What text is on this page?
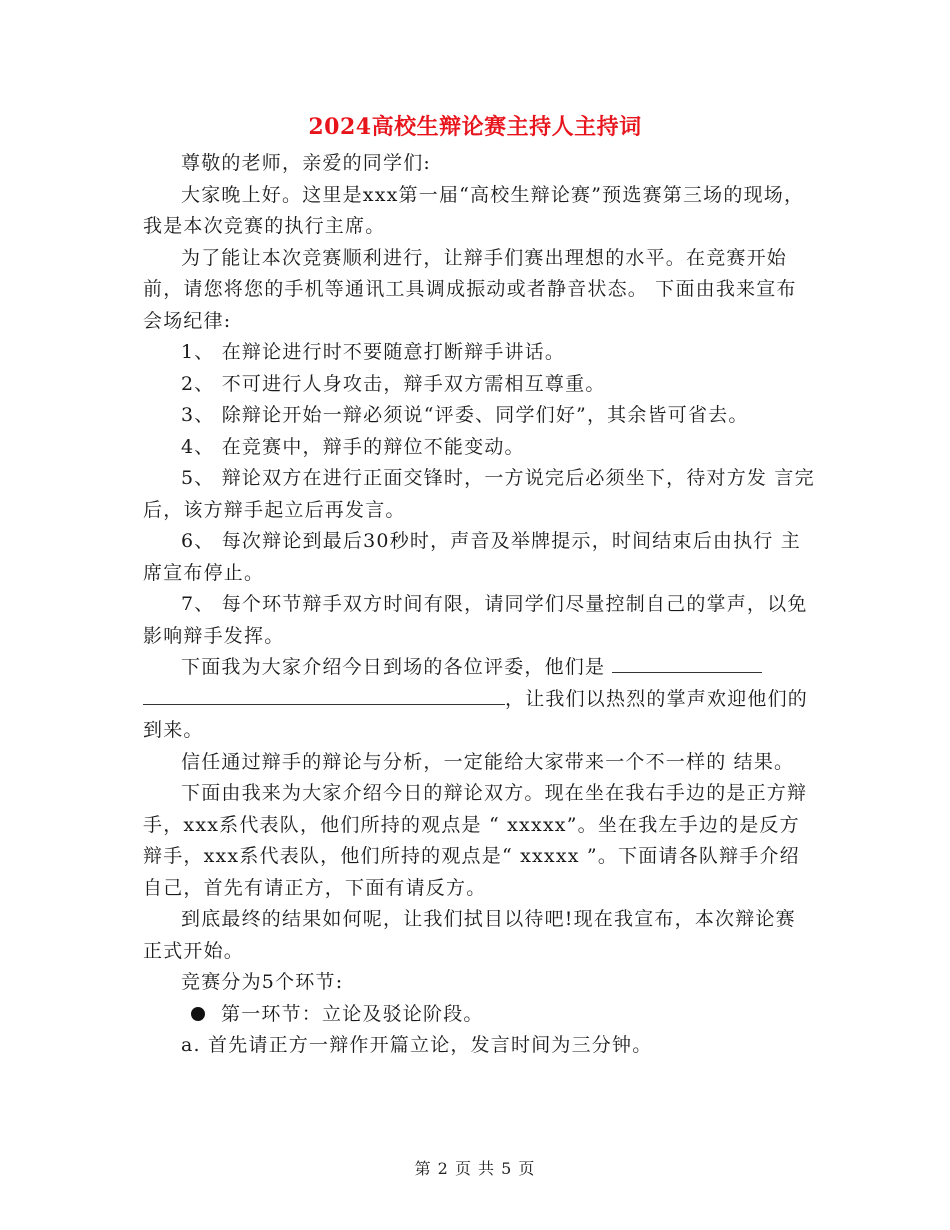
2024高校生辩论赛主持人主持词

尊敬的老师，亲爱的同学们:

大家晚上好。这里是xxx第一届“高校生辩论赛”预选赛第三场的现场，我是本次竞赛的执行主席。

为了能让本次竞赛顺利进行，让辩手们赛出理想的水平。在竞赛开始前，请您将您的手机等通讯工具调成振动或者静音状态。 下面由我来宣布会场纪律:

1、 在辩论进行时不要随意打断辩手讲话。

2、 不可进行人身攻击，辩手双方需相互尊重。

3、 除辩论开始一辩必须说“评委、同学们好”，其余皆可省去。

4、 在竞赛中，辩手的辩位不能变动。

5、 辩论双方在进行正面交锋时，一方说完后必须坐下，待对方发 言完后，该方辩手起立后再发言。

6、 每次辩论到最后30秒时，声音及举牌提示，时间结束后由执行 主席宣布停止。

7、 每个环节辩手双方时间有限，请同学们尽量控制自己的掌声，以免影响辩手发挥。

下面我为大家介绍今日到场的各位评委，他们是
，让我们以热烈的掌声欢迎他们的到来。

信任通过辩手的辩论与分析，一定能给大家带来一个不一样的 结果。

下面由我来为大家介绍今日的辩论双方。现在坐在我右手边的是正方辩手，xxx系代表队，他们所持的观点是 “ xxxxx”。坐在我左手边的是反方辩手，xxx系代表队，他们所持的观点是“ xxxxx ”。下面请各队辩手介绍自己，首先有请正方，下面有请反方。

到底最终的结果如何呢，让我们拭目以待吧!现在我宣布，本次辩论赛正式开始。

竞赛分为5个环节:

第一环节：立论及驳论阶段。

a. 首先请正方一辩作开篇立论，发言时间为三分钟。

第 2 页 共 5 页
